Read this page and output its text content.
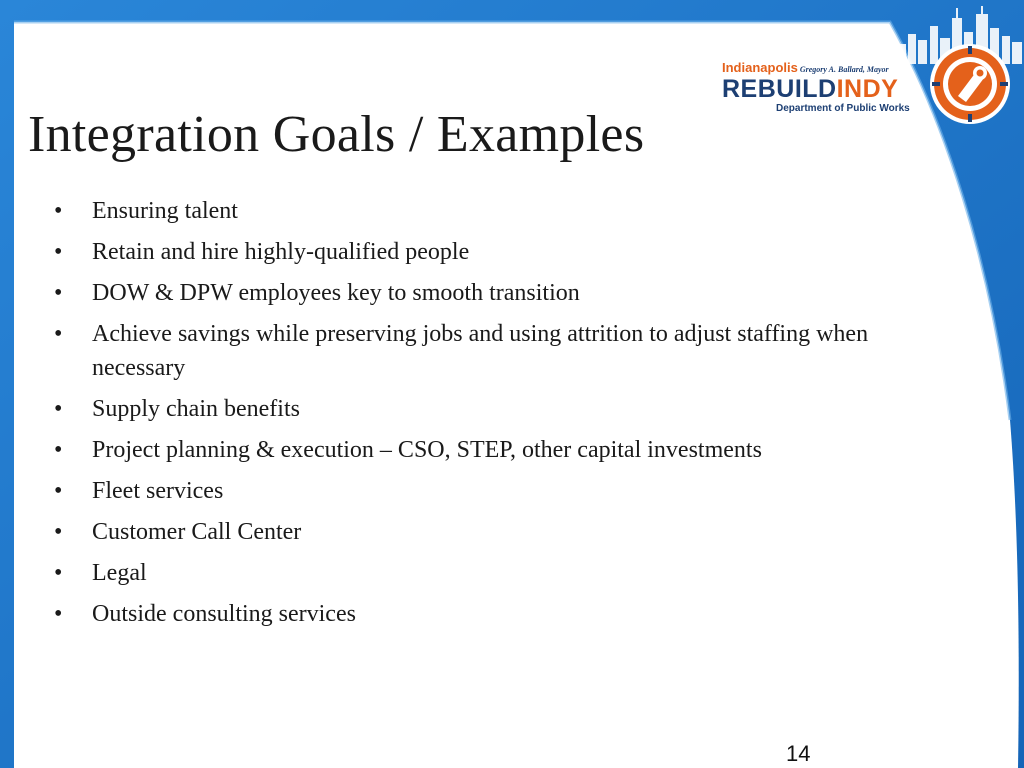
Integration Goals / Examples
• Ensuring talent
• Retain and hire highly-qualified people
• DOW & DPW employees key to smooth transition
• Achieve savings while preserving jobs and using attrition to adjust staffing when necessary
• Supply chain benefits
• Project planning & execution – CSO, STEP, other capital investments
• Fleet services
• Customer Call Center
• Legal
• Outside consulting services
Indianapolis Gregory A. Ballard, Mayor
REBUILDINDY
Department of Public Works
14
